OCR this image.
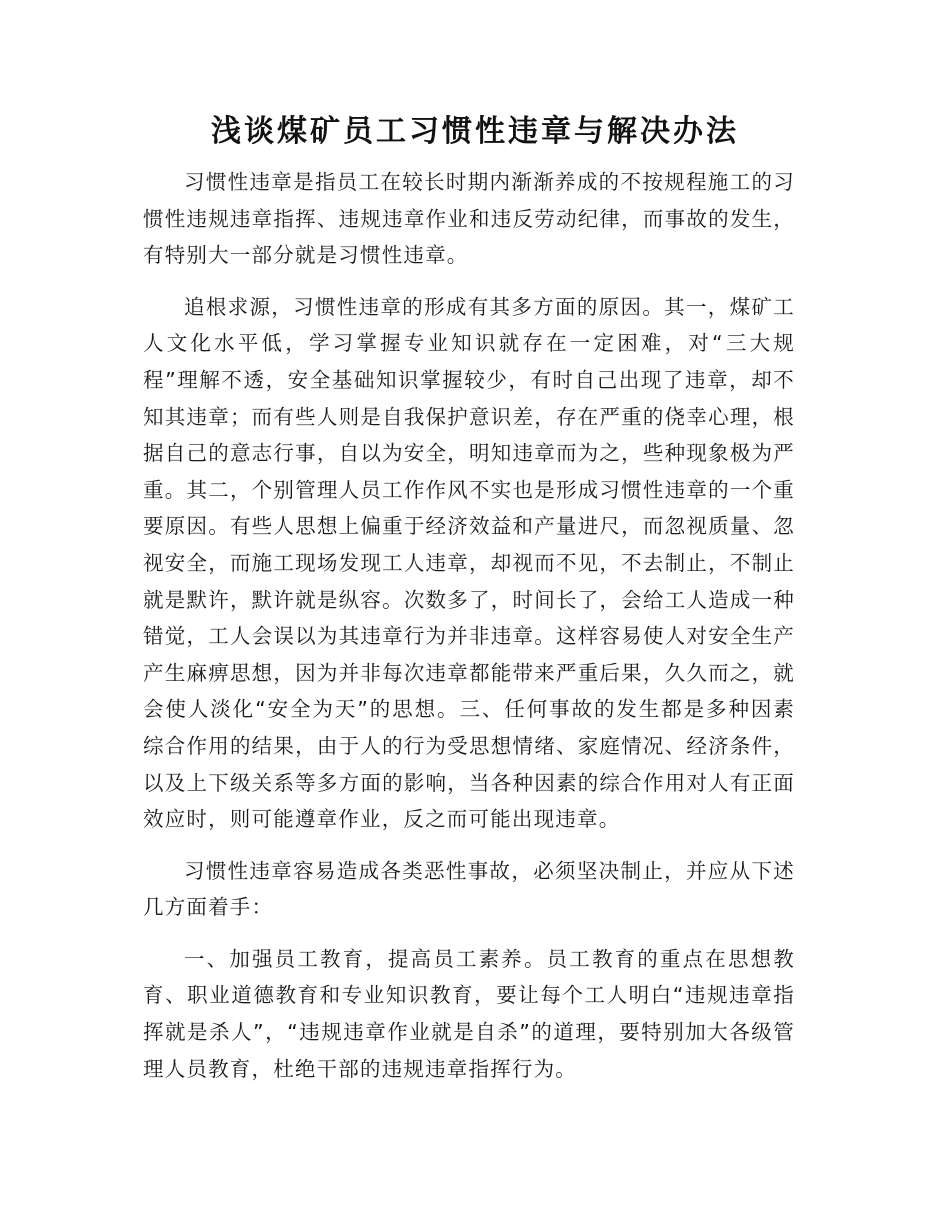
浅谈煤矿员工习惯性违章与解决办法

习惯性违章是指员工在较长时期内渐渐养成的不按规程施工的习惯性违规违章指挥、违规违章作业和违反劳动纪律，而事故的发生，有特别大一部分就是习惯性违章。

追根求源，习惯性违章的形成有其多方面的原因。其一，煤矿工人文化水平低，学习掌握专业知识就存在一定困难，对“三大规程”理解不透，安全基础知识掌握较少，有时自己出现了违章，却不知其违章；而有些人则是自我保护意识差，存在严重的侥幸心理，根据自己的意志行事，自以为安全，明知违章而为之，些种现象极为严重。其二，个别管理人员工作作风不实也是形成习惯性违章的一个重要原因。有些人思想上偏重于经济效益和产量进尺，而忽视质量、忽视安全，而施工现场发现工人违章，却视而不见，不去制止，不制止就是默许，默许就是纵容。次数多了，时间长了，会给工人造成一种错觉，工人会误以为其违章行为并非违章。这样容易使人对安全生产产生麻痹思想，因为并非每次违章都能带来严重后果，久久而之，就会使人淡化“安全为天”的思想。三、任何事故的发生都是多种因素综合作用的结果，由于人的行为受思想情绪、家庭情况、经济条件，以及上下级关系等多方面的影响，当各种因素的综合作用对人有正面效应时，则可能遵章作业，反之而可能出现违章。

习惯性违章容易造成各类恶性事故，必须坚决制止，并应从下述几方面着手：

一、加强员工教育，提高员工素养。员工教育的重点在思想教育、职业道德教育和专业知识教育，要让每个工人明白“违规违章指挥就是杀人”，“违规违章作业就是自杀”的道理，要特别加大各级管理人员教育，杜绝干部的违规违章指挥行为。
